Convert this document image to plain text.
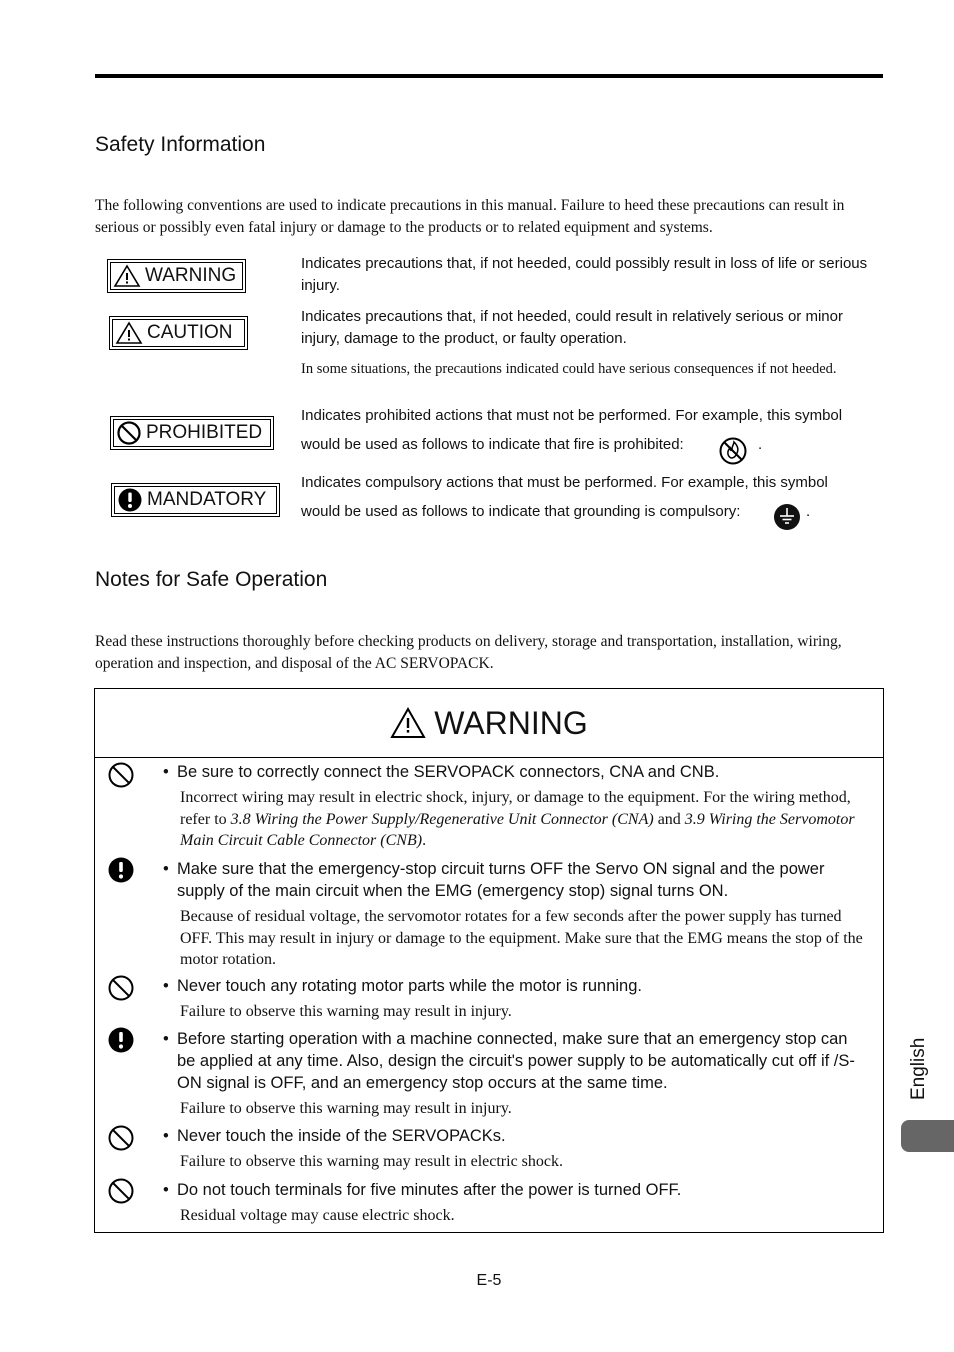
Safety Information
The following conventions are used to indicate precautions in this manual. Failure to heed these precautions can result in serious or possibly even fatal injury or damage to the products or to related equipment and systems.
WARNING
Indicates precautions that, if not heeded, could possibly result in loss of life or serious injury.
CAUTION
Indicates precautions that, if not heeded, could result in relatively serious or minor injury, damage to the product, or faulty operation.
In some situations, the precautions indicated could have serious consequences if not heeded.
PROHIBITED
Indicates prohibited actions that must not be performed. For example, this symbol
would be used as follows to indicate that fire is prohibited:	.
MANDATORY
Indicates compulsory actions that must be performed. For example, this symbol
would be used as follows to indicate that grounding is compulsory:	.
Notes for Safe Operation
Read these instructions thoroughly before checking products on delivery, storage and transportation, installation, wiring, operation and inspection, and disposal of the AC SERVOPACK.
WARNING
• Be sure to correctly connect the SERVOPACK connectors, CNA and CNB.
Incorrect wiring may result in electric shock, injury, or damage to the equipment. For the wiring method, refer to 3.8 Wiring the Power Supply/Regenerative Unit Connector (CNA) and 3.9 Wiring the Servomotor Main Circuit Cable Connector (CNB).
• Make sure that the emergency-stop circuit turns OFF the Servo ON signal and the power supply of the main circuit when the EMG (emergency stop) signal turns ON.
Because of residual voltage, the servomotor rotates for a few seconds after the power supply has turned OFF. This may result in injury or damage to the equipment. Make sure that the EMG means the stop of the motor rotation.
• Never touch any rotating motor parts while the motor is running.
Failure to observe this warning may result in injury.
• Before starting operation with a machine connected, make sure that an emergency stop can be applied at any time. Also, design the circuit's power supply to be automatically cut off if /S-ON signal is OFF, and an emergency stop occurs at the same time.
Failure to observe this warning may result in injury.
• Never touch the inside of the SERVOPACKs.
Failure to observe this warning may result in electric shock.
• Do not touch terminals for five minutes after the power is turned OFF.
Residual voltage may cause electric shock.
English
E-5
